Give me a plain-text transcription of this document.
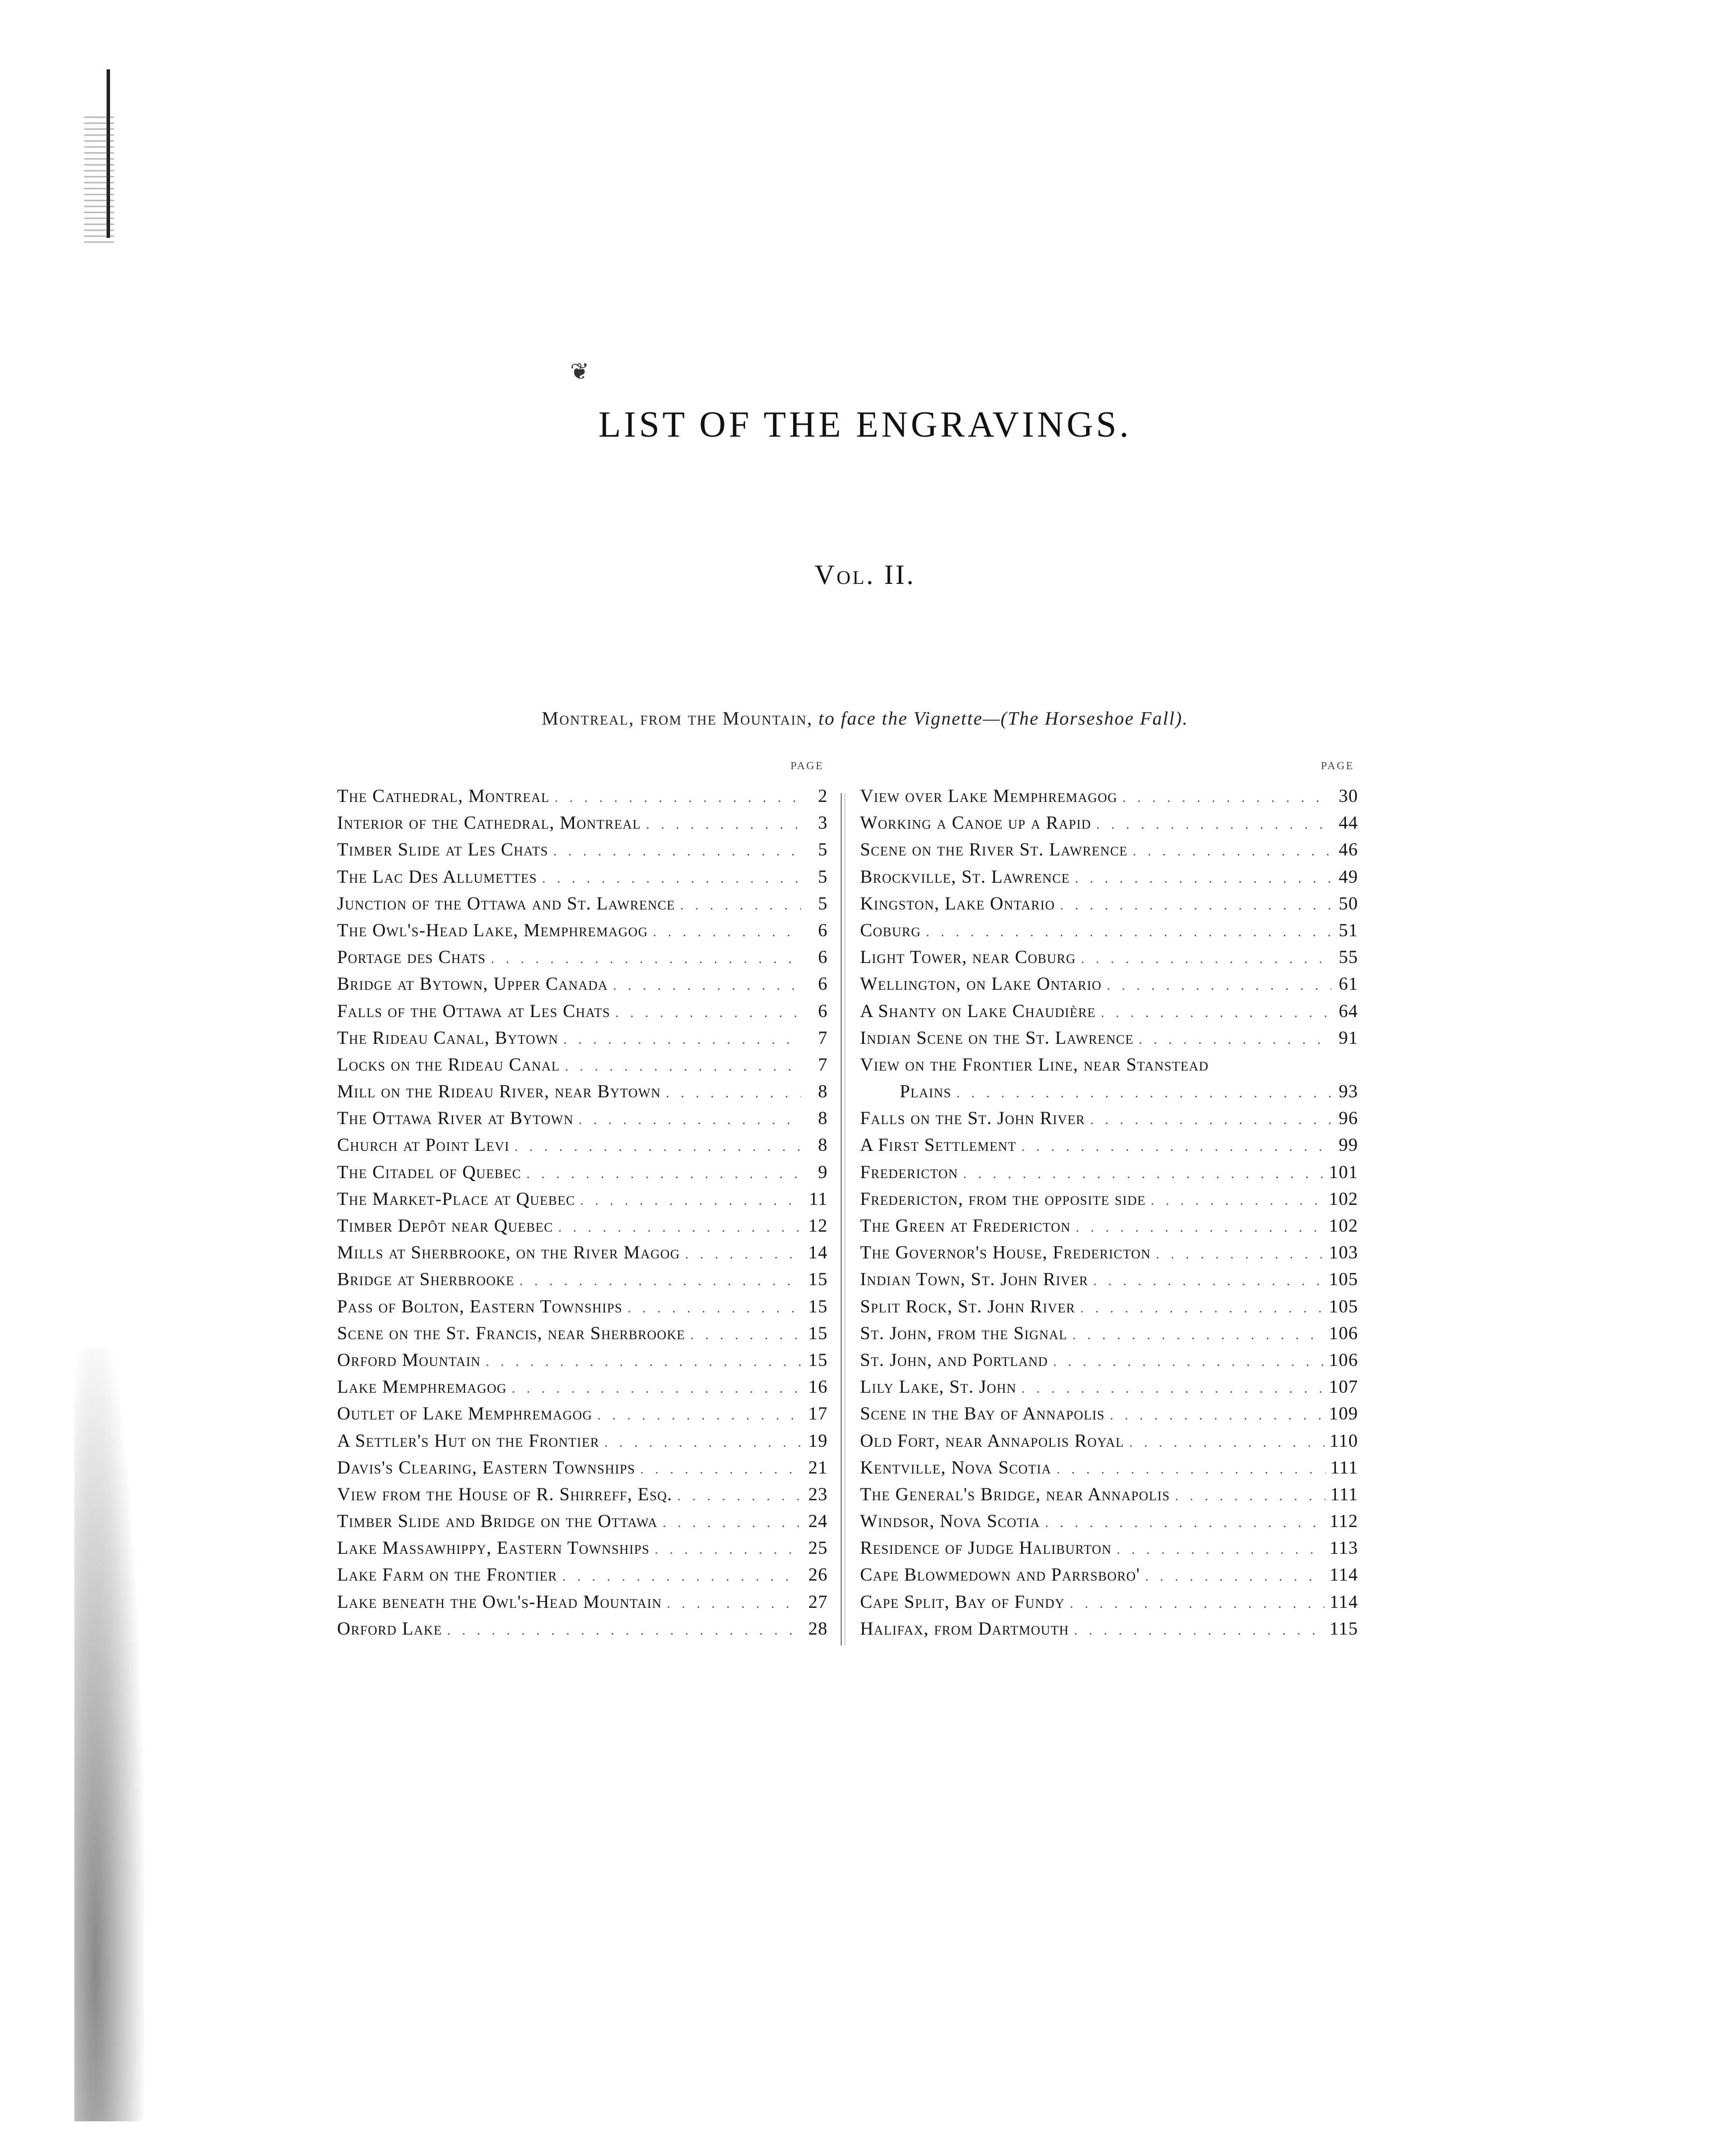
❦
LIST OF THE ENGRAVINGS.
Vol. II.
Montreal, from the Mountain, to face the Vignette—(The Horseshoe Fall).
PAGE
The Cathedral, Montreal . . .	2
Interior of the Cathedral, Montreal . . .	3
Timber Slide at Les Chats . . .	5
The Lac Des Allumettes . . .	5
Junction of the Ottawa and St. Lawrence . . .	5
The Owl's-Head Lake, Memphremagog . . .	6
Portage des Chats . . .	6
Bridge at Bytown, Upper Canada . . .	6
Falls of the Ottawa at Les Chats . . .	6
The Rideau Canal, Bytown . . .	7
Locks on the Rideau Canal . . .	7
Mill on the Rideau River, near Bytown . . .	8
The Ottawa River at Bytown . . .	8
Church at Point Levi . . .	8
The Citadel of Quebec . . .	9
The Market-Place at Quebec . . .	11
Timber Depôt near Quebec . . .	12
Mills at Sherbrooke, on the River Magog . . .	14
Bridge at Sherbrooke . . .	15
Pass of Bolton, Eastern Townships . . .	15
Scene on the St. Francis, near Sherbrooke . . .	15
Orford Mountain . . .	15
Lake Memphremagog . . .	16
Outlet of Lake Memphremagog . . .	17
A Settler's Hut on the Frontier . . .	19
Davis's Clearing, Eastern Townships . . .	21
View from the House of R. Shirreff, Esq. . . .	23
Timber Slide and Bridge on the Ottawa . . .	24
Lake Massawhippy, Eastern Townships . . .	25
Lake Farm on the Frontier . . .	26
Lake beneath the Owl's-Head Mountain . . .	27
Orford Lake . . .	28
PAGE
View over Lake Memphremagog . . .	30
Working a Canoe up a Rapid . . .	44
Scene on the River St. Lawrence . . .	46
Brockville, St. Lawrence . . .	49
Kingston, Lake Ontario . . .	50
Coburg . . .	51
Light Tower, near Coburg . . .	55
Wellington, on Lake Ontario . . .	61
A Shanty on Lake Chaudière . . .	64
Indian Scene on the St. Lawrence . . .	91
View on the Frontier Line, near Stanstead
Plains . . .	93
Falls on the St. John River . . .	96
A First Settlement . . .	99
Fredericton . . .	101
Fredericton, from the opposite side . . .	102
The Green at Fredericton . . .	102
The Governor's House, Fredericton . . .	103
Indian Town, St. John River . . .	105
Split Rock, St. John River . . .	105
St. John, from the Signal . . .	106
St. John, and Portland . . .	106
Lily Lake, St. John . . .	107
Scene in the Bay of Annapolis . . .	109
Old Fort, near Annapolis Royal . . .	110
Kentville, Nova Scotia . . .	111
The General's Bridge, near Annapolis . . .	111
Windsor, Nova Scotia . . .	112
Residence of Judge Haliburton . . .	113
Cape Blowmedown and Parrsboro' . . .	114
Cape Split, Bay of Fundy . . .	114
Halifax, from Dartmouth . . .	115
